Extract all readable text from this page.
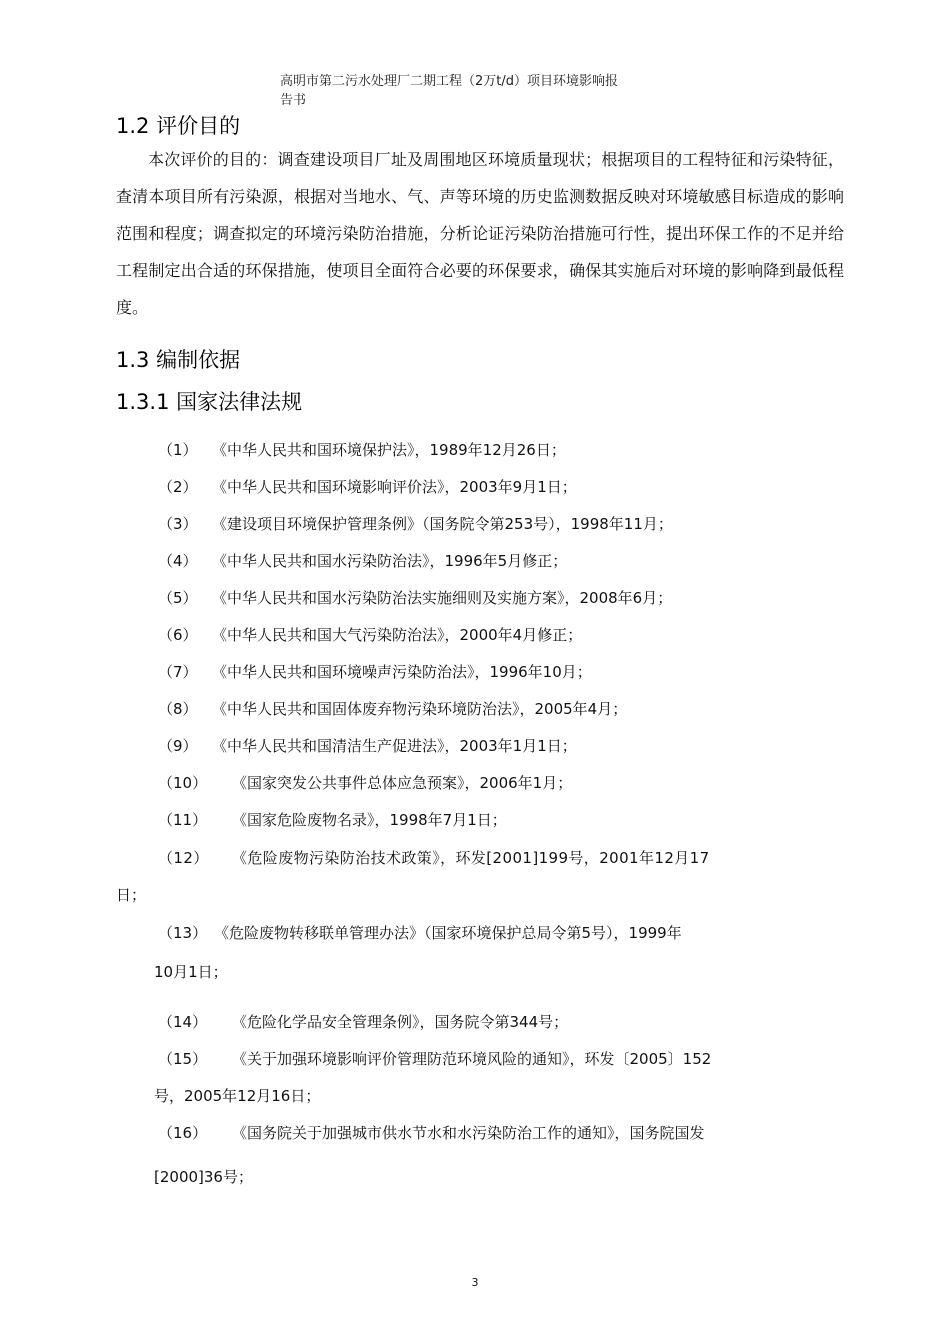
高明市第二污水处理厂二期工程（2万t/d）项目环境影响报
告书
1.2 评价目的
本次评价的目的：调查建设项目厂址及周围地区环境质量现状；根据项目的工程特征和污染特征，查清本项目所有污染源，根据对当地水、气、声等环境的历史监测数据反映对环境敏感目标造成的影响范围和程度；调查拟定的环境污染防治措施，分析论证污染防治措施可行性，提出环保工作的不足并给工程制定出合适的环保措施，使项目全面符合必要的环保要求，确保其实施后对环境的影响降到最低程度。
1.3 编制依据
1.3.1 国家法律法规
（1） 《中华人民共和国环境保护法》，1989年12月26日；
（2） 《中华人民共和国环境影响评价法》，2003年9月1日；
（3） 《建设项目环境保护管理条例》（国务院令第253号），1998年11月；
（4） 《中华人民共和国水污染防治法》，1996年5月修正；
（5） 《中华人民共和国水污染防治法实施细则及实施方案》，2008年6月；
（6） 《中华人民共和国大气污染防治法》，2000年4月修正；
（7） 《中华人民共和国环境噪声污染防治法》，1996年10月；
（8） 《中华人民共和国固体废弃物污染环境防治法》，2005年4月；
（9） 《中华人民共和国清洁生产促进法》，2003年1月1日；
（10） 《国家突发公共事件总体应急预案》，2006年1月；
（11） 《国家危险废物名录》，1998年7月1日；
（12） 《危险废物污染防治技术政策》，环发[2001]199号，2001年12月17
日；
（13） 《危险废物转移联单管理办法》（国家环境保护总局令第5号），1999年
10月1日；
（14） 《危险化学品安全管理条例》，国务院令第344号；
（15） 《关于加强环境影响评价管理防范环境风险的通知》，环发〔2005〕152
号，2005年12月16日；
（16） 《国务院关于加强城市供水节水和水污染防治工作的通知》，国务院国发
[2000]36号；
3
